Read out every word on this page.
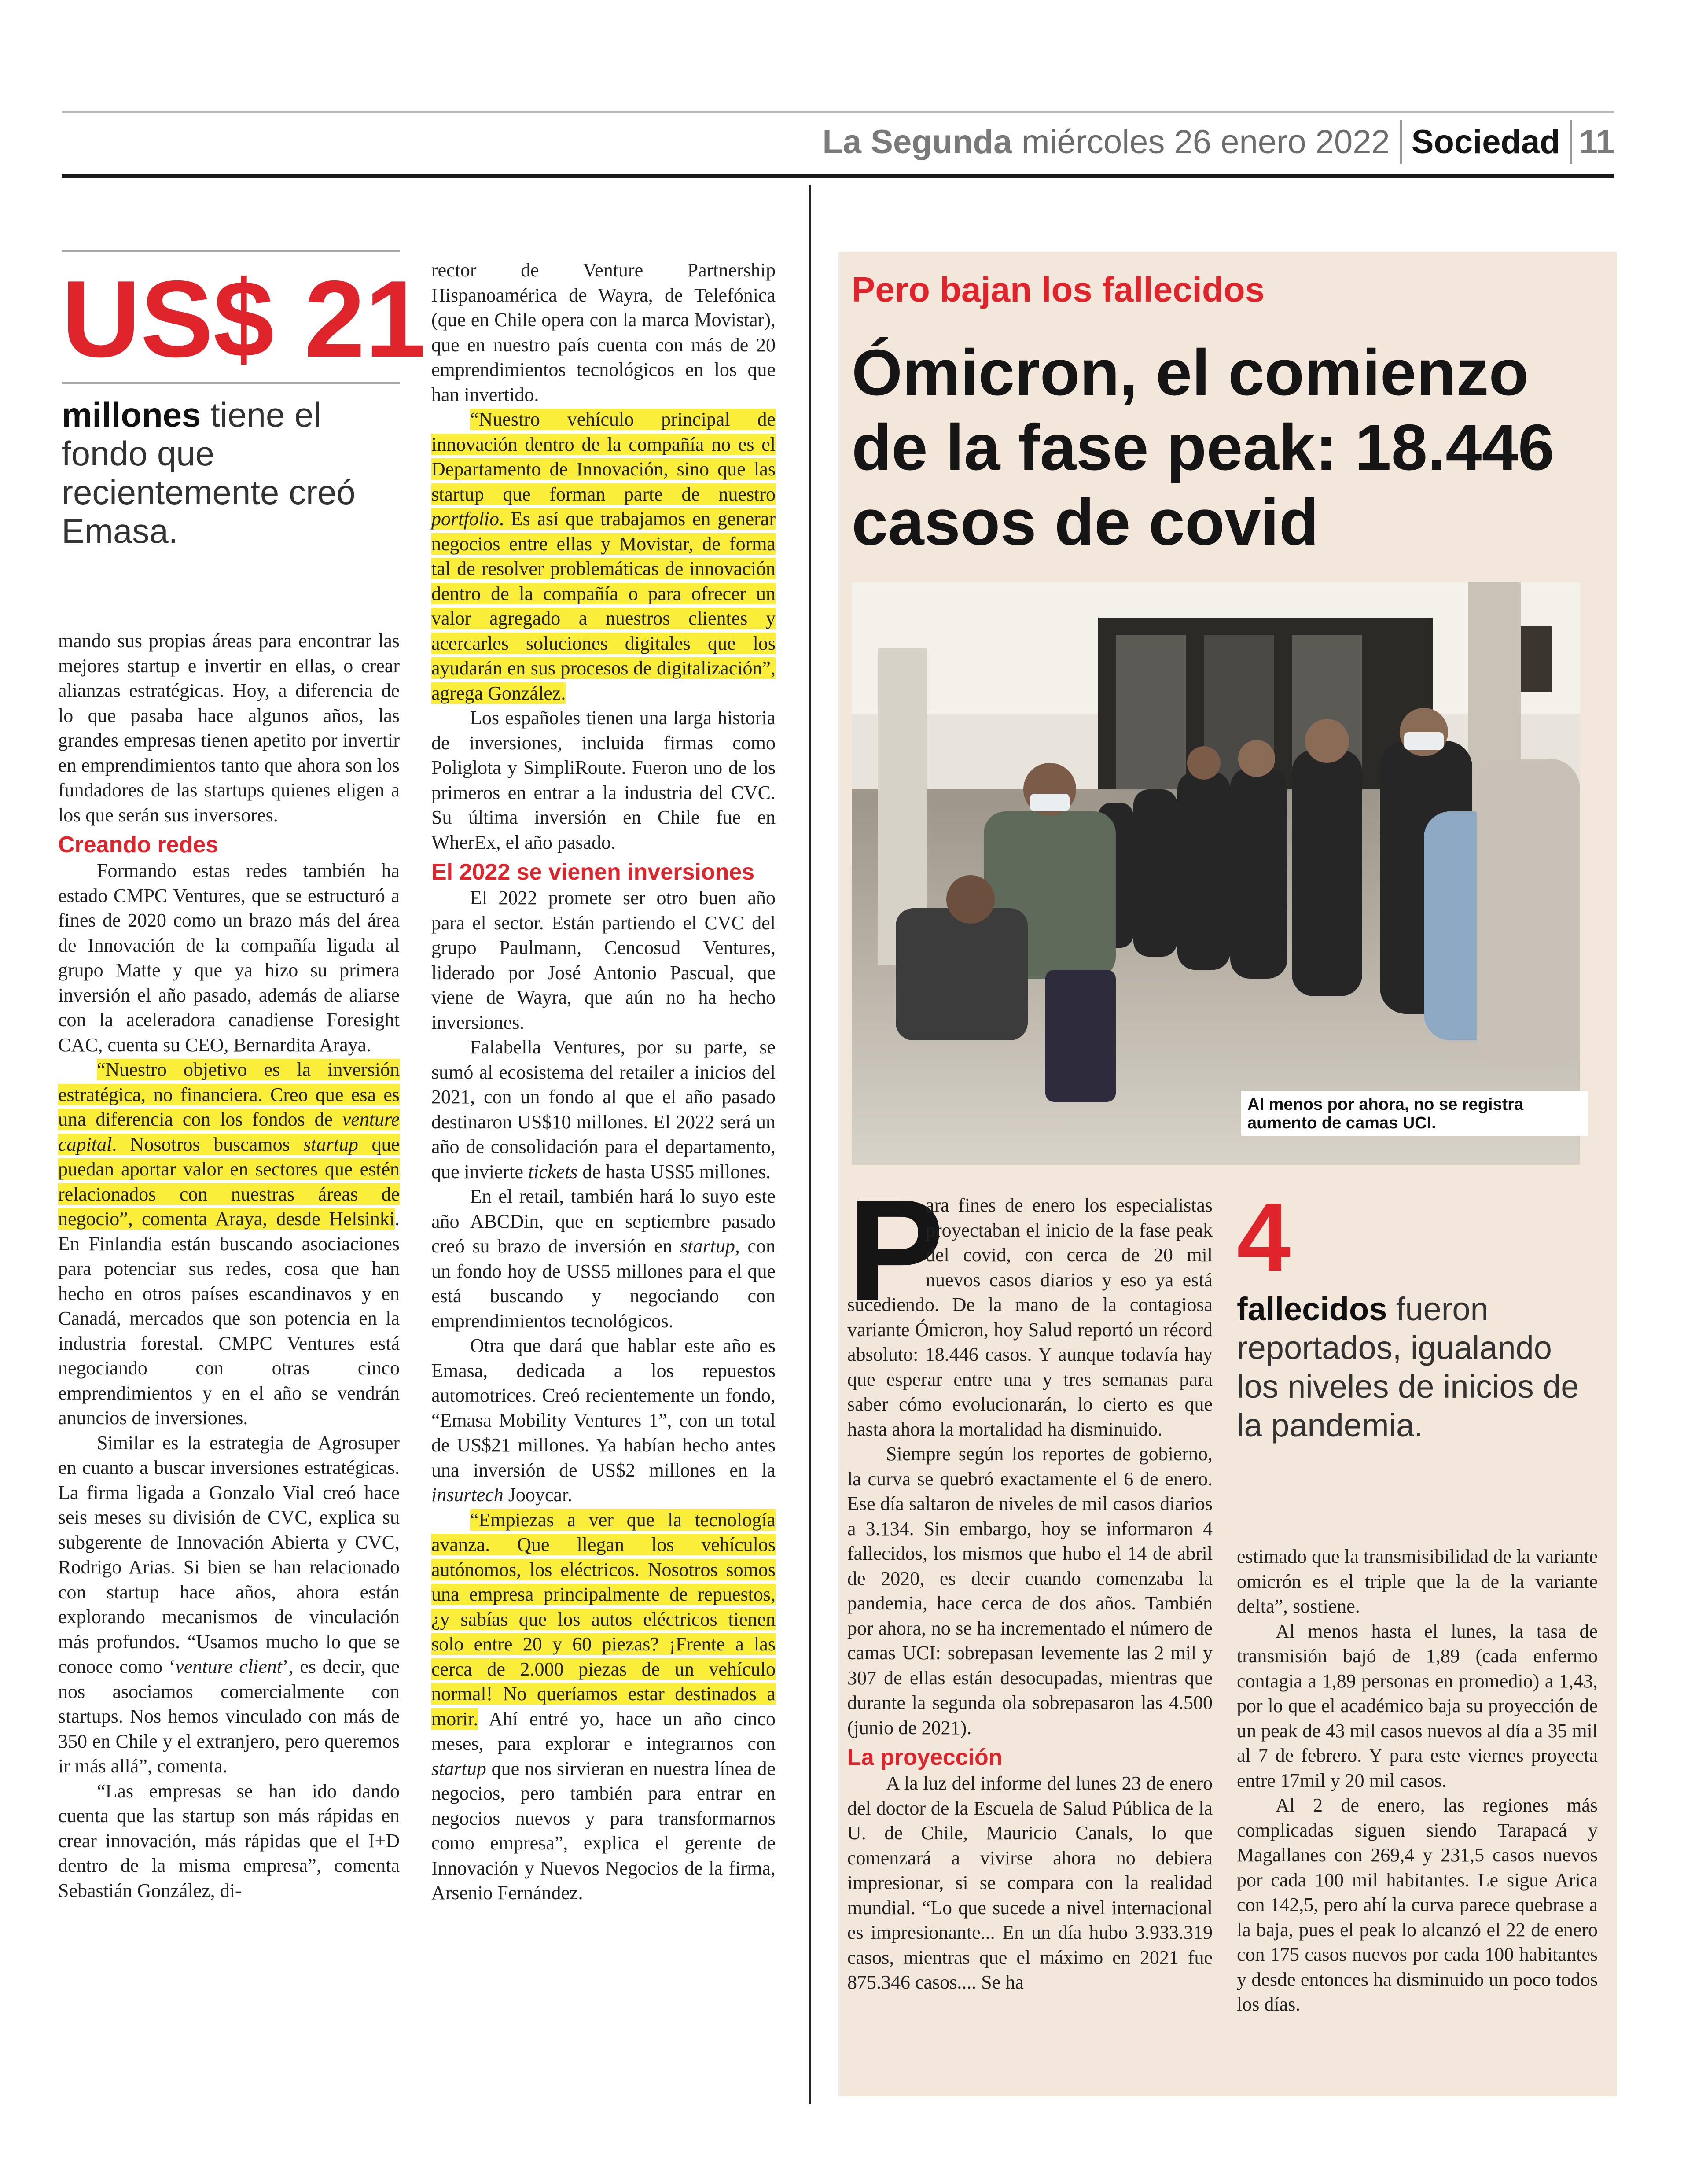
La Segunda miércoles 26 enero 2022 Sociedad 11
US$ 21
millones tiene el fondo que recientemente creó Emasa.

mando sus propias áreas para encontrar las mejores startup e invertir en ellas, o crear alianzas estratégicas. Hoy, a diferencia de lo que pasaba hace algunos años, las grandes empresas tienen apetito por invertir en emprendimientos tanto que ahora son los fundadores de las startups quienes eligen a los que serán sus inversores.

Creando redes

Formando estas redes también ha estado CMPC Ventures, que se estructuró a fines de 2020 como un brazo más del área de Innovación de la compañía ligada al grupo Matte y que ya hizo su primera inversión el año pasado, además de aliarse con la aceleradora canadiense Foresight CAC, cuenta su CEO, Bernardita Araya.

“Nuestro objetivo es la inversión estratégica, no financiera. Creo que esa es una diferencia con los fondos de venture capital. Nosotros buscamos startup que puedan aportar valor en sectores que estén relacionados con nuestras áreas de negocio”, comenta Araya, desde Helsinki. En Finlandia están buscando asociaciones para potenciar sus redes, cosa que han hecho en otros países escandinavos y en Canadá, mercados que son potencia en la industria forestal. CMPC Ventures está negociando con otras cinco emprendimientos y en el año se vendrán anuncios de inversiones.

Similar es la estrategia de Agrosuper en cuanto a buscar inversiones estratégicas. La firma ligada a Gonzalo Vial creó hace seis meses su división de CVC, explica su subgerente de Innovación Abierta y CVC, Rodrigo Arias. Si bien se han relacionado con startup hace años, ahora están explorando mecanismos de vinculación más profundos. “Usamos mucho lo que se conoce como ‘venture client’, es decir, que nos asociamos comercialmente con startups. Nos hemos vinculado con más de 350 en Chile y el extranjero, pero queremos ir más allá”, comenta.

“Las empresas se han ido dando cuenta que las startup son más rápidas en crear innovación, más rápidas que el I+D dentro de la misma empresa”, comenta Sebastián González, di-

rector de Venture Partnership Hispanoamérica de Wayra, de Telefónica (que en Chile opera con la marca Movistar), que en nuestro país cuenta con más de 20 emprendimientos tecnológicos en los que han invertido.

“Nuestro vehículo principal de innovación dentro de la compañía no es el Departamento de Innovación, sino que las startup que forman parte de nuestro portfolio. Es así que trabajamos en generar negocios entre ellas y Movistar, de forma tal de resolver problemáticas de innovación dentro de la compañía o para ofrecer un valor agregado a nuestros clientes y acercarles soluciones digitales que los ayudarán en sus procesos de digitalización”, agrega González.

Los españoles tienen una larga historia de inversiones, incluida firmas como Poliglota y SimpliRoute. Fueron uno de los primeros en entrar a la industria del CVC. Su última inversión en Chile fue en WherEx, el año pasado.

El 2022 se vienen inversiones

El 2022 promete ser otro buen año para el sector. Están partiendo el CVC del grupo Paulmann, Cencosud Ventures, liderado por José Antonio Pascual, que viene de Wayra, que aún no ha hecho inversiones.

Falabella Ventures, por su parte, se sumó al ecosistema del retailer a inicios del 2021, con un fondo al que el año pasado destinaron US$10 millones. El 2022 será un año de consolidación para el departamento, que invierte tickets de hasta US$5 millones.

En el retail, también hará lo suyo este año ABCDin, que en septiembre pasado creó su brazo de inversión en startup, con un fondo hoy de US$5 millones para el que está buscando y negociando con emprendimientos tecnológicos.

Otra que dará que hablar este año es Emasa, dedicada a los repuestos automotrices. Creó recientemente un fondo, “Emasa Mobility Ventures 1”, con un total de US$21 millones. Ya habían hecho antes una inversión de US$2 millones en la insurtech Jooycar.

“Empiezas a ver que la tecnología avanza. Que llegan los vehículos autónomos, los eléctricos. Nosotros somos una empresa principalmente de repuestos, ¿y sabías que los autos eléctricos tienen solo entre 20 y 60 piezas? ¡Frente a las cerca de 2.000 piezas de un vehículo normal! No queríamos estar destinados a morir. Ahí entré yo, hace un año cinco meses, para explorar e integrarnos con startup que nos sirvieran en nuestra línea de negocios, pero también para entrar en negocios nuevos y para transformarnos como empresa”, explica el gerente de Innovación y Nuevos Negocios de la firma, Arsenio Fernández.

Pero bajan los fallecidos
Ómicron, el comienzo de la fase peak: 18.446 casos de covid
Al menos por ahora, no se registra aumento de camas UCI.
P

ara fines de enero los especialistas proyectaban el inicio de la fase peak del covid, con cerca de 20 mil nuevos casos diarios y eso ya está sucediendo. De la mano de la contagiosa variante Ómicron, hoy Salud reportó un récord absoluto: 18.446 casos. Y aunque todavía hay que esperar entre una y tres semanas para saber cómo evolucionarán, lo cierto es que hasta ahora la mortalidad ha disminuido.

Siempre según los reportes de gobierno, la curva se quebró exactamente el 6 de enero. Ese día saltaron de niveles de mil casos diarios a 3.134. Sin embargo, hoy se informaron 4 fallecidos, los mismos que hubo el 14 de abril de 2020, es decir cuando comenzaba la pandemia, hace cerca de dos años. También por ahora, no se ha incrementado el número de camas UCI: sobrepasan levemente las 2 mil y 307 de ellas están desocupadas, mientras que durante la segunda ola sobrepasaron las 4.500 (junio de 2021).

La proyección

A la luz del informe del lunes 23 de enero del doctor de la Escuela de Salud Pública de la U. de Chile, Mauricio Canals, lo que comenzará a vivirse ahora no debiera impresionar, si se compara con la realidad mundial. “Lo que sucede a nivel internacional es impresionante... En un día hubo 3.933.319 casos, mientras que el máximo en 2021 fue 875.346 casos.... Se ha

4
fallecidos fueron reportados, igualando los niveles de inicios de la pandemia.

estimado que la transmisibilidad de la variante omicrón es el triple que la de la variante delta”, sostiene.

Al menos hasta el lunes, la tasa de transmisión bajó de 1,89 (cada enfermo contagia a 1,89 personas en promedio) a 1,43, por lo que el académico baja su proyección de un peak de 43 mil casos nuevos al día a 35 mil al 7 de febrero. Y para este viernes proyecta entre 17mil y 20 mil casos.

Al 2 de enero, las regiones más complicadas siguen siendo Tarapacá y Magallanes con 269,4 y 231,5 casos nuevos por cada 100 mil habitantes. Le sigue Arica con 142,5, pero ahí la curva parece quebrase a la baja, pues el peak lo alcanzó el 22 de enero con 175 casos nuevos por cada 100 habitantes y desde entonces ha disminuido un poco todos los días.
